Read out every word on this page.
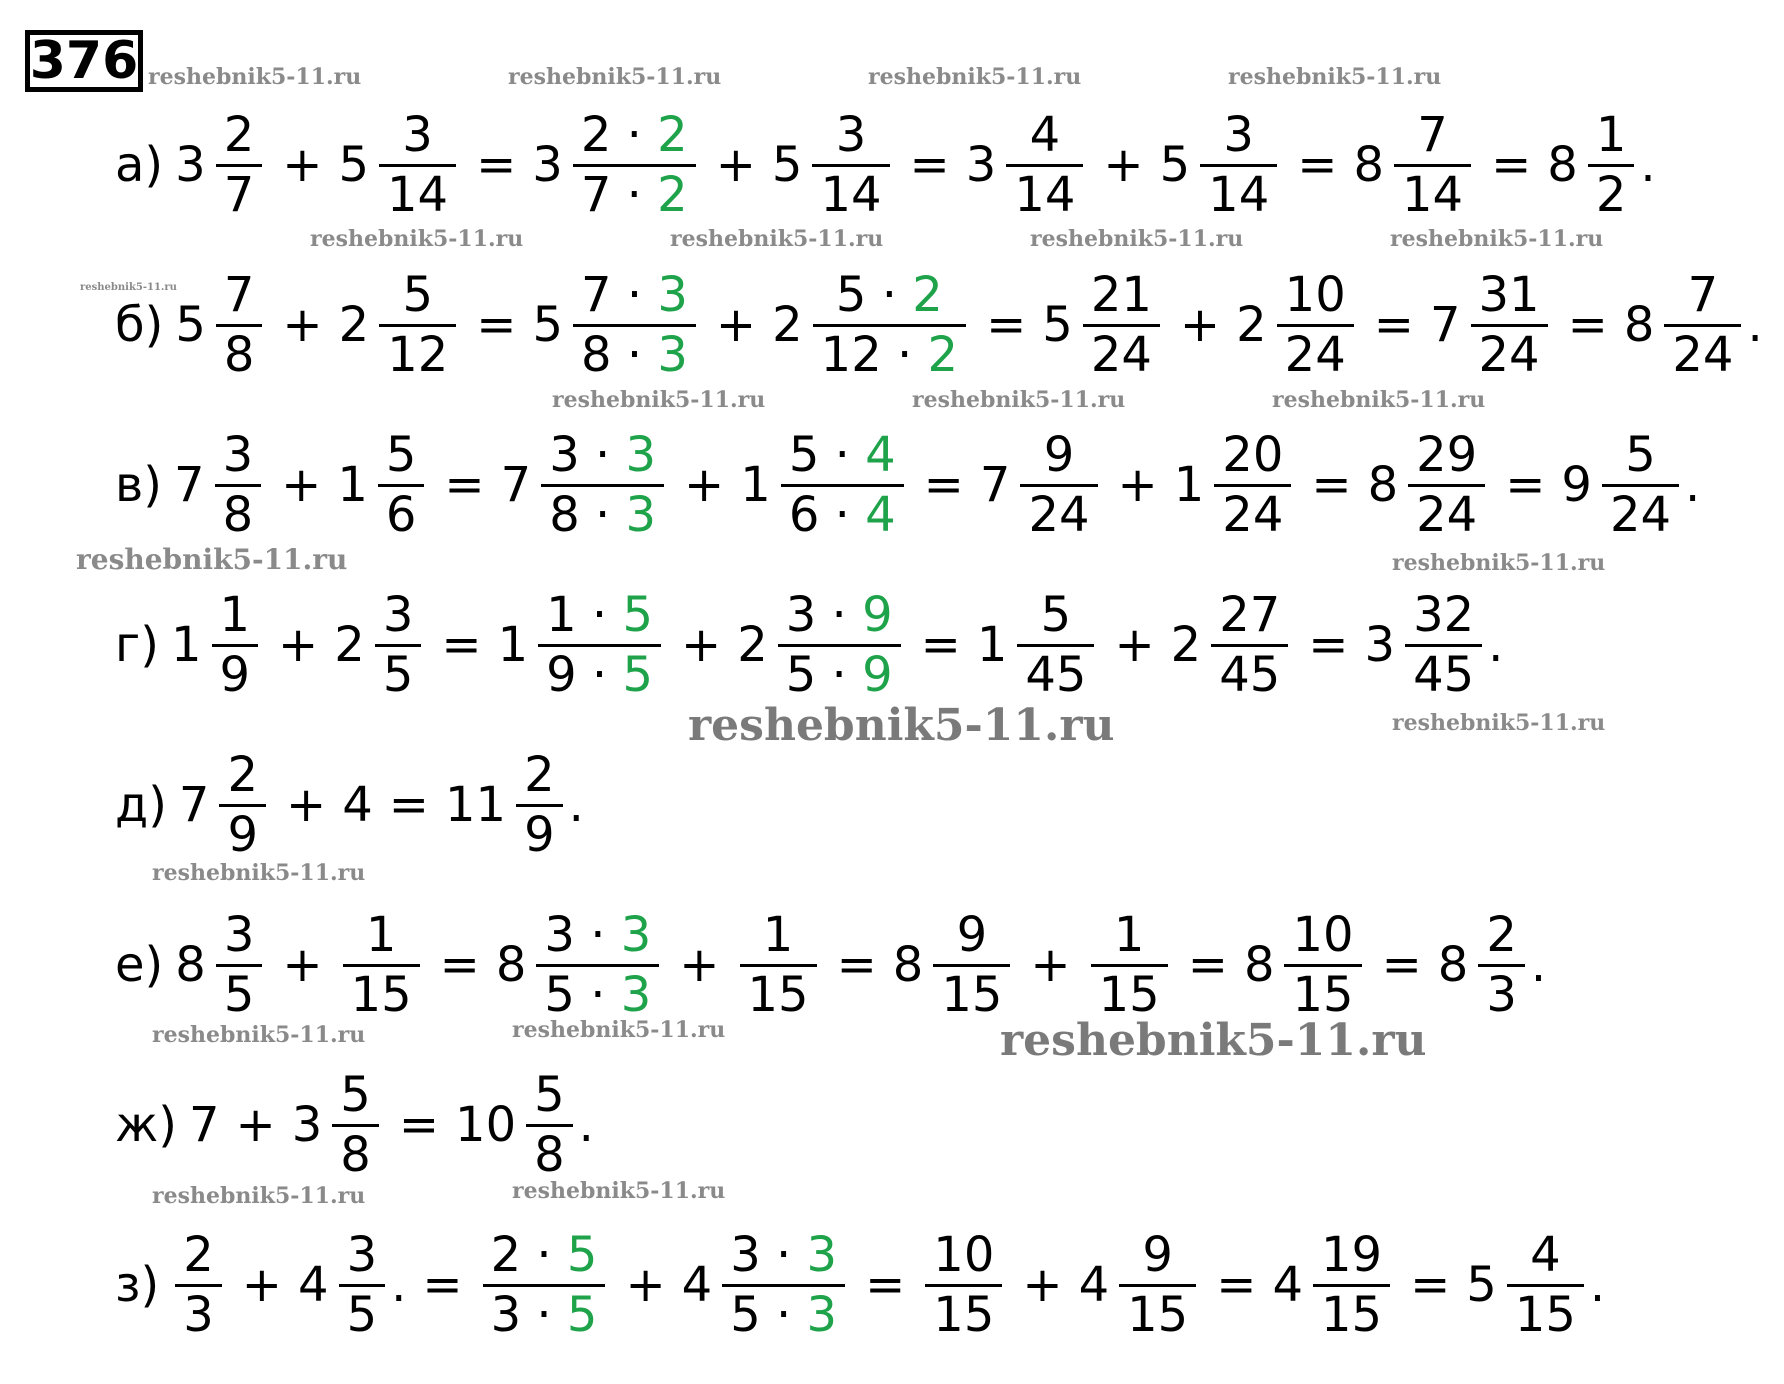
376 reshebnik5-11.ru	reshebnik5-11.ru	reshebnik5-11.ru	reshebnik5-11.ru
reshebnik5-11.ru	reshebnik5-11.ru	reshebnik5-11.ru	reshebnik5-11.ru
reshebnik5-11.ru
reshebnik5-11.ru	reshebnik5-11.ru	reshebnik5-11.ru
reshebnik5-11.ru	reshebnik5-11.ru
reshebnik5-11.ru	reshebnik5-11.ru
reshebnik5-11.ru
reshebnik5-11.ru	reshebnik5-11.ru	reshebnik5-11.ru
reshebnik5-11.ru	reshebnik5-11.ru
а) $3 \frac{2}{7} + 5 \frac{3}{14} = 3 \frac{2 \cdot 2}{7 \cdot 2} + 5 \frac{3}{14} = 3 \frac{4}{14} + 5 \frac{3}{14} = 8 \frac{7}{14} = 8 \frac{1}{2}$ .
б) $5 \frac{7}{8} + 2 \frac{5}{12} = 5 \frac{7 \cdot 3}{8 \cdot 3} + 2 \frac{5 \cdot 2}{12 \cdot 2} = 5 \frac{21}{24} + 2 \frac{10}{24} = 7 \frac{31}{24} = 8 \frac{7}{24}$ .
в) $7 \frac{3}{8} + 1 \frac{5}{6} = 7 \frac{3 \cdot 3}{8 \cdot 3} + 1 \frac{5 \cdot 4}{6 \cdot 4} = 7 \frac{9}{24} + 1 \frac{20}{24} = 8 \frac{29}{24} = 9 \frac{5}{24}$ .
г) $1 \frac{1}{9} + 2 \frac{3}{5} = 1 \frac{1 \cdot 5}{9 \cdot 5} + 2 \frac{3 \cdot 9}{5 \cdot 9} = 1 \frac{5}{45} + 2 \frac{27}{45} = 3 \frac{32}{45}$ .
д) $7 \frac{2}{9} + 4 = 11 \frac{2}{9}$ .
е) $8 \frac{3}{5} + \frac{1}{15} = 8 \frac{3 \cdot 3}{5 \cdot 3} + \frac{1}{15} = 8 \frac{9}{15} + \frac{1}{15} = 8 \frac{10}{15} = 8 \frac{2}{3}$ .
ж) $7 + 3 \frac{5}{8} = 10 \frac{5}{8}$ .
$з) \frac{2}{3} + 4 \frac{3}{5}$ . = $\frac{2 \cdot 5}{3 \cdot 5} + 4 \frac{3 \cdot 3}{5 \cdot 3} = \frac{10}{15} + 4 \frac{9}{15} = 4 \frac{19}{15} = 5 \frac{4}{15}$ .
